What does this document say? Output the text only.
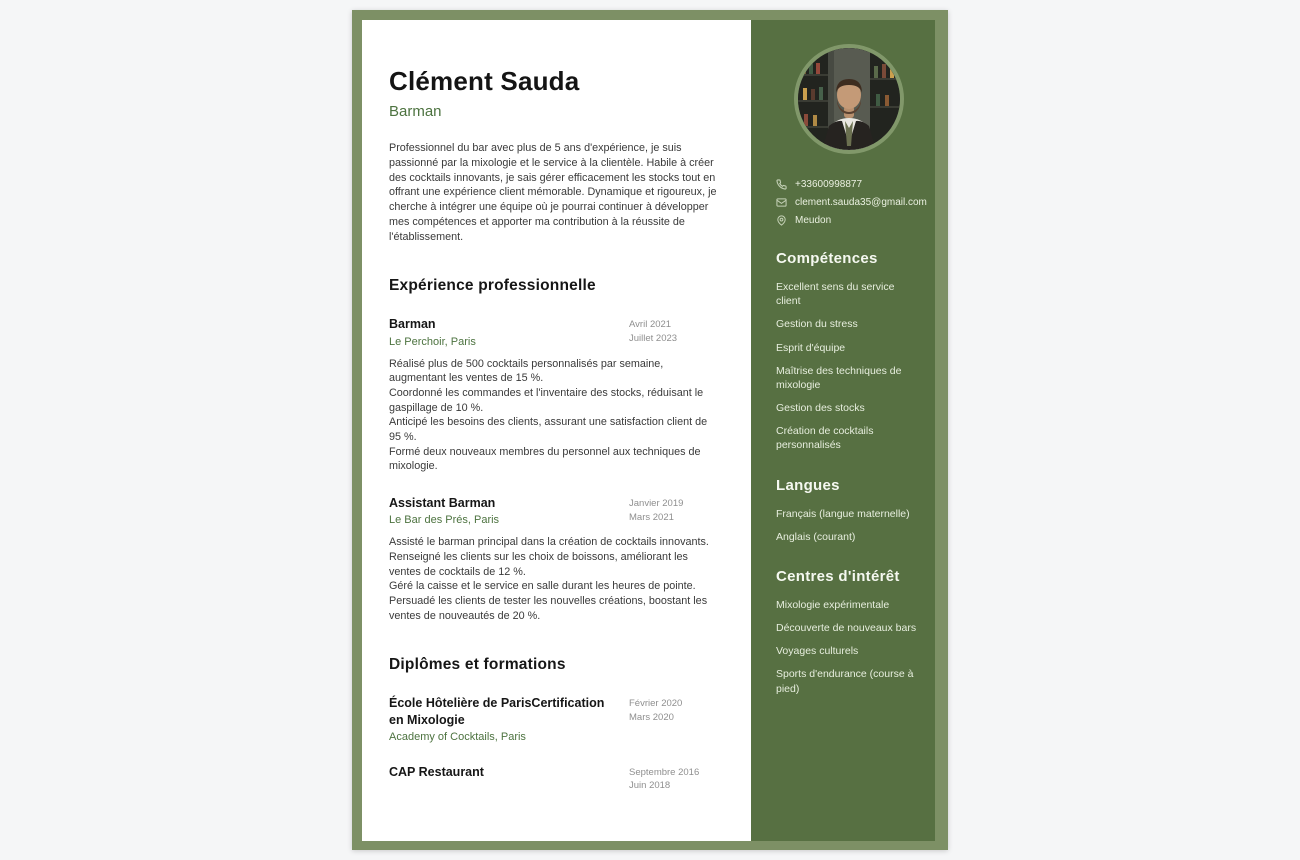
Clément Sauda
Barman
Professionnel du bar avec plus de 5 ans d'expérience, je suis passionné par la mixologie et le service à la clientèle. Habile à créer des cocktails innovants, je sais gérer efficacement les stocks tout en offrant une expérience client mémorable. Dynamique et rigoureux, je cherche à intégrer une équipe où je pourrai continuer à développer mes compétences et apporter ma contribution à la réussite de l'établissement.
Expérience professionnelle
Barman
Le Perchoir, Paris
Avril 2021
Juillet 2023
Réalisé plus de 500 cocktails personnalisés par semaine, augmentant les ventes de 15 %.
Coordonné les commandes et l'inventaire des stocks, réduisant le gaspillage de 10 %.
Anticipé les besoins des clients, assurant une satisfaction client de 95 %.
Formé deux nouveaux membres du personnel aux techniques de mixologie.
Assistant Barman
Le Bar des Prés, Paris
Janvier 2019
Mars 2021
Assisté le barman principal dans la création de cocktails innovants.
Renseigné les clients sur les choix de boissons, améliorant les ventes de cocktails de 12 %.
Géré la caisse et le service en salle durant les heures de pointe.
Persuadé les clients de tester les nouvelles créations, boostant les ventes de nouveautés de 20 %.
Diplômes et formations
École Hôtelière de ParisCertification en Mixologie
Academy of Cocktails, Paris
Février 2020
Mars 2020
CAP Restaurant	Septembre 2016
Juin 2018
+33600998877
clement.sauda35@gmail.com
Meudon
Compétences
Excellent sens du service client
Gestion du stress
Esprit d'équipe
Maîtrise des techniques de mixologie
Gestion des stocks
Création de cocktails personnalisés
Langues
Français (langue maternelle)
Anglais (courant)
Centres d'intérêt
Mixologie expérimentale
Découverte de nouveaux bars
Voyages culturels
Sports d'endurance (course à pied)
